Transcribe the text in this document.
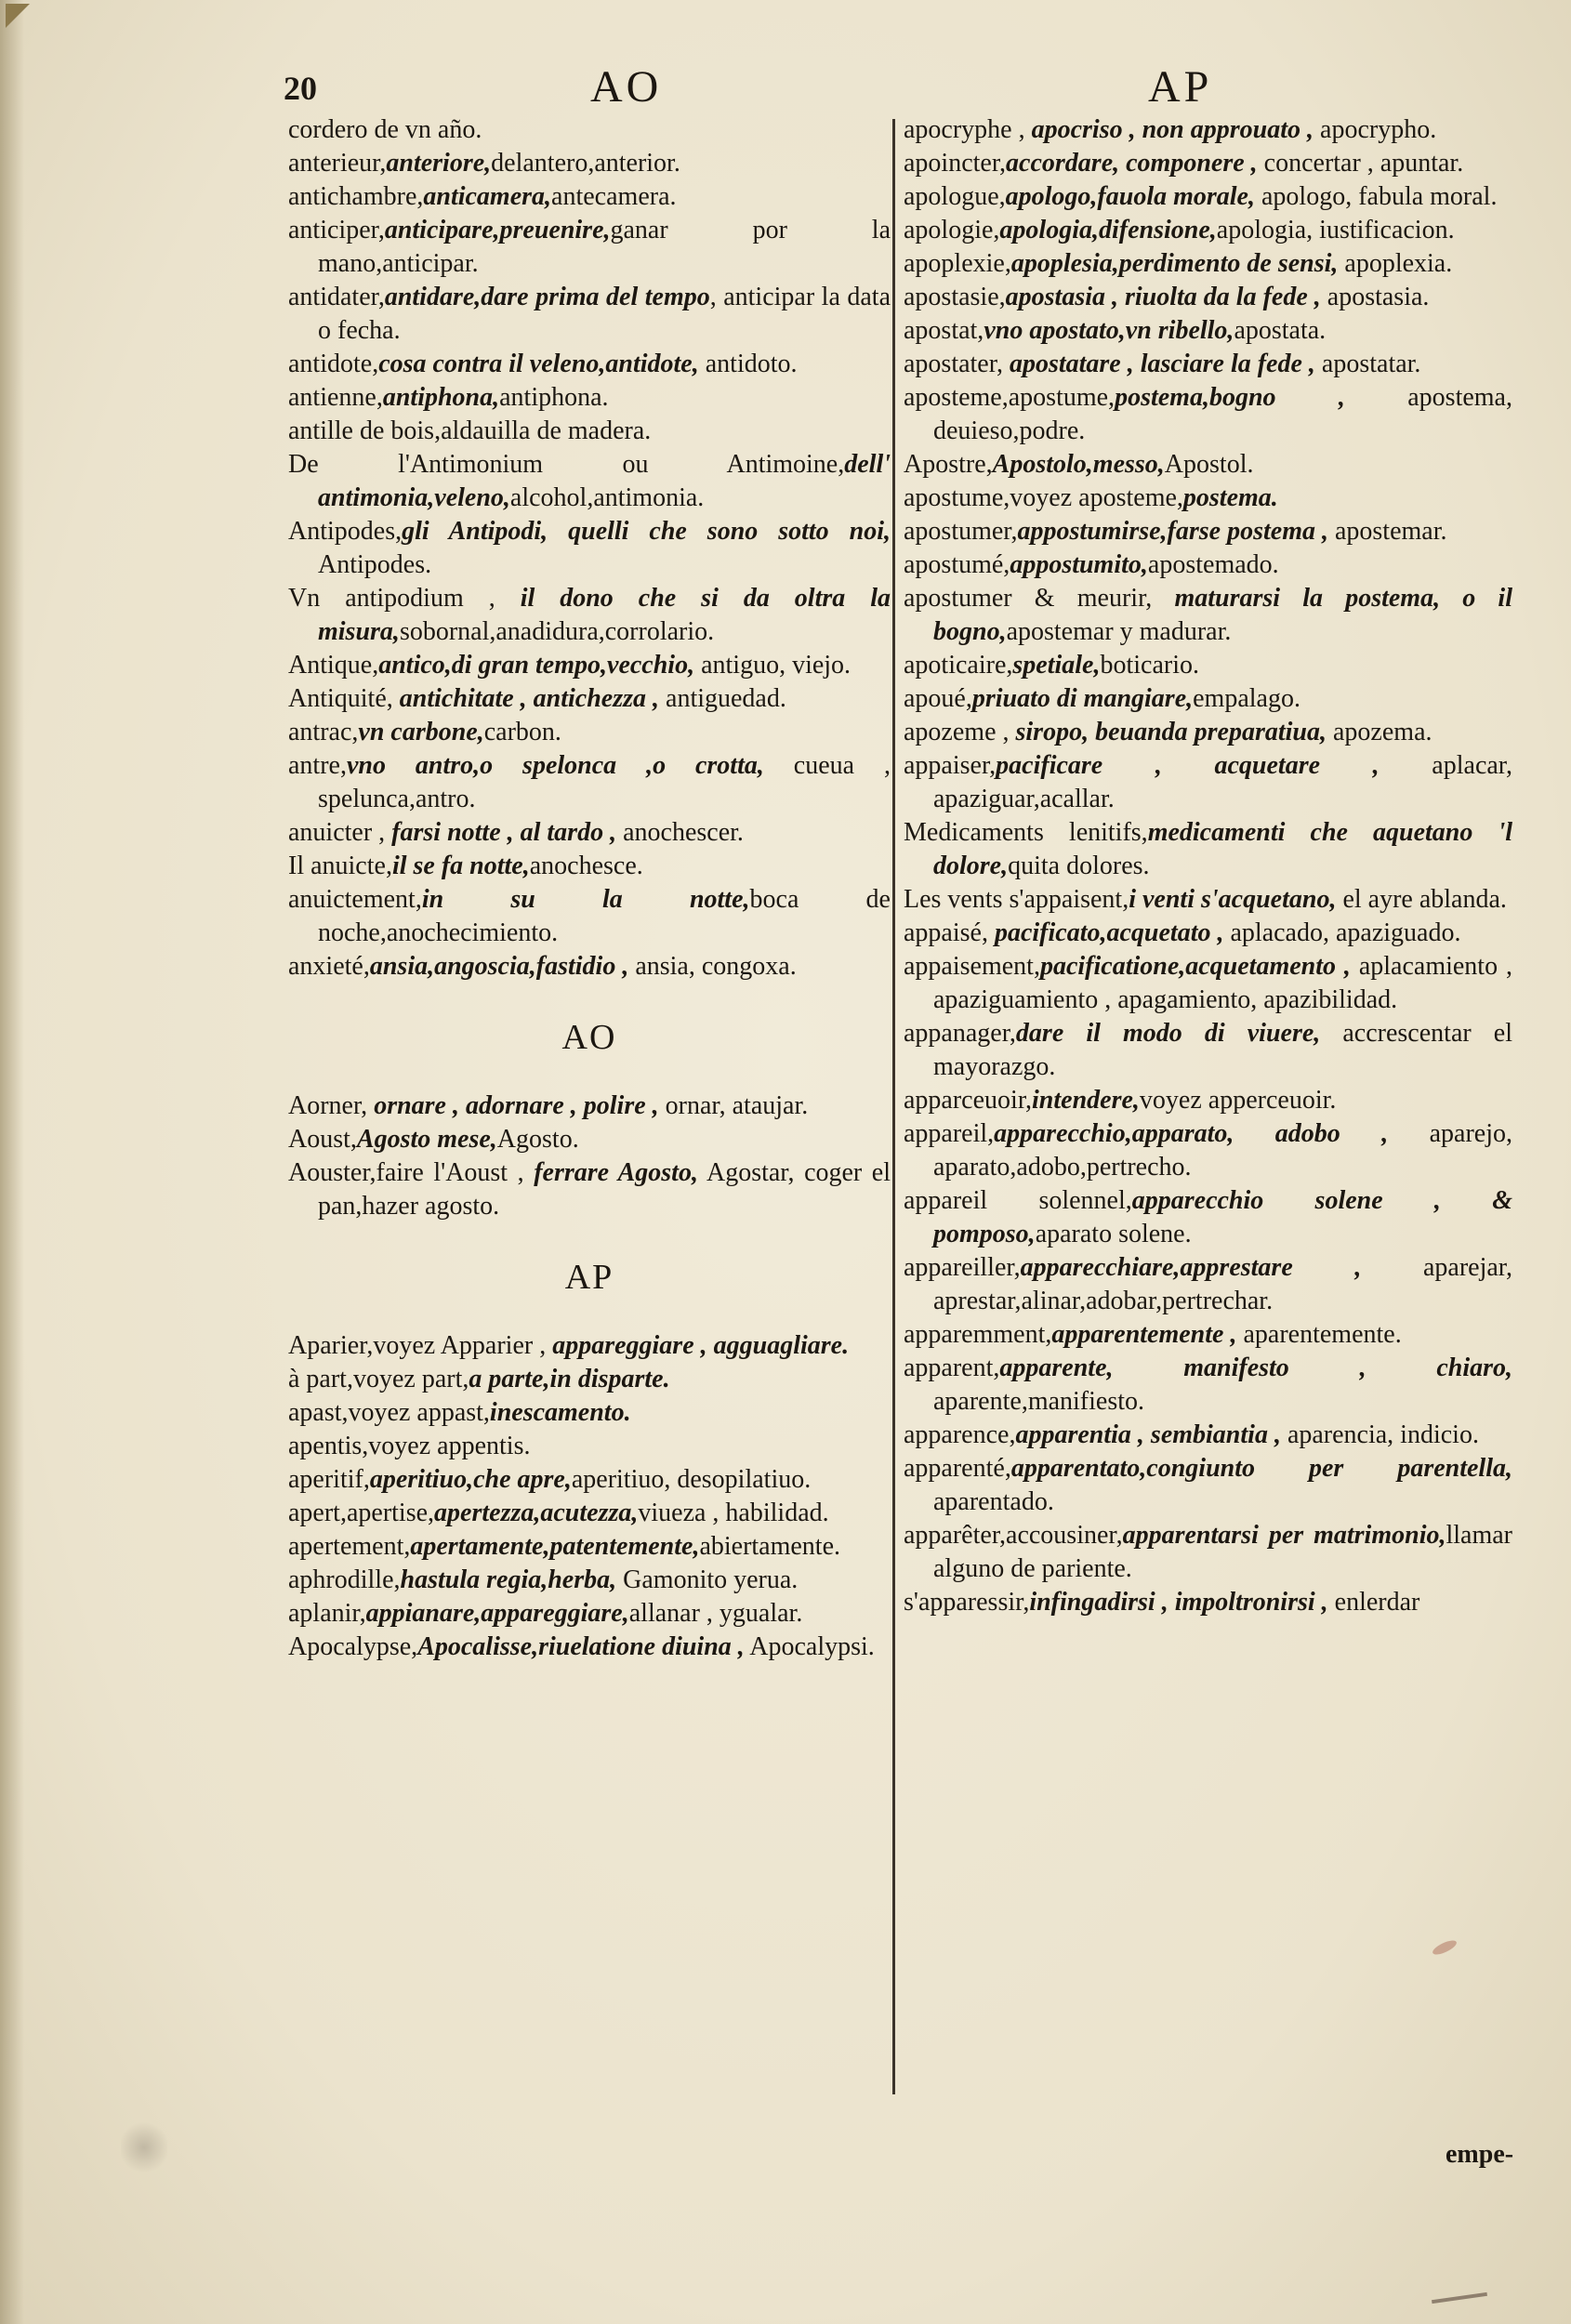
20	AO	AP

cordero de vn año.

anterieur,anteriore,delantero,anterior.

antichambre,anticamera,antecamera.

anticiper,anticipare,preuenire,ganar por la mano,anticipar.

antidater,antidare,dare prima del tempo, anticipar la data o fecha.

antidote,cosa contra il veleno,antidote, antidoto.

antienne,antiphona,antiphona.

antille de bois,aldauilla de madera.

De l'Antimonium ou Antimoine,dell' antimonia,veleno,alcohol,antimonia.

Antipodes,gli Antipodi, quelli che sono sotto noi, Antipodes.

Vn antipodium , il dono che si da oltra la misura,sobornal,anadidura,corrolario.

Antique,antico,di gran tempo,vecchio, antiguo, viejo.

Antiquité, antichitate , antichezza , antiguedad.

antrac,vn carbone,carbon.

antre,vno antro,o spelonca ,o crotta, cueua , spelunca,antro.

anuicter , farsi notte , al tardo , anochescer.

Il anuicte,il se fa notte,anochesce.

anuictement,in su la notte,boca de noche,anochecimiento.

anxieté,ansia,angoscia,fastidio , ansia, congoxa.

AO

Aorner, ornare , adornare , polire , ornar, ataujar.

Aoust,Agosto mese,Agosto.

Aouster,faire l'Aoust , ferrare Agosto, Agostar, coger el pan,hazer agosto.

AP

Aparier,voyez Apparier , appareggiare , agguagliare.

à part,voyez part,a parte,in disparte.

apast,voyez appast,inescamento.

apentis,voyez appentis.

aperitif,aperitiuo,che apre,aperitiuo, desopilatiuo.

apert,apertise,apertezza,acutezza,viueza , habilidad.

apertement,apertamente,patentemente,abiertamente.

aphrodille,hastula regia,herba, Gamonito yerua.

aplanir,appianare,appareggiare,allanar , ygualar.

Apocalypse,Apocalisse,riuelatione diuina , Apocalypsi.

apocryphe , apocriso , non approuato , apocrypho.

apoincter,accordare, componere , concertar , apuntar.

apologue,apologo,fauola morale, apologo, fabula moral.

apologie,apologia,difensione,apologia, iustificacion.

apoplexie,apoplesia,perdimento de sensi, apoplexia.

apostasie,apostasia , riuolta da la fede , apostasia.

apostat,vno apostato,vn ribello,apostata.

apostater, apostatare , lasciare la fede , apostatar.

aposteme,apostume,postema,bogno , apostema, deuieso,podre.

Apostre,Apostolo,messo,Apostol.

apostume,voyez aposteme,postema.

apostumer,appostumirse,farse postema , apostemar.

apostumé,appostumito,apostemado.

apostumer & meurir, maturarsi la postema, o il bogno,apostemar y madurar.

apoticaire,spetiale,boticario.

apoué,priuato di mangiare,empalago.

apozeme , siropo, beuanda preparatiua, apozema.

appaiser,pacificare , acquetare , aplacar, apaziguar,acallar.

Medicaments lenitifs,medicamenti che aquetano 'l dolore,quita dolores.

Les vents s'appaisent,i venti s'acquetano, el ayre ablanda.

appaisé, pacificato,acquetato , aplacado, apaziguado.

appaisement,pacificatione,acquetamento , aplacamiento , apaziguamiento , apagamiento, apazibilidad.

appanager,dare il modo di viuere, accrescentar el mayorazgo.

apparceuoir,intendere,voyez apperceuoir.

appareil,apparecchio,apparato, adobo , aparejo, aparato,adobo,pertrecho.

appareil solennel,apparecchio solene , & pomposo,aparato solene.

appareiller,apparecchiare,apprestare , aparejar, aprestar,alinar,adobar,pertrechar.

apparemment,apparentemente , aparentemente.

apparent,apparente, manifesto , chiaro, aparente,manifiesto.

apparence,apparentia , sembiantia , aparencia, indicio.

apparenté,apparentato,congiunto per parentella, aparentado.

apparêter,accousiner,apparentarsi per matrimonio,llamar alguno de pariente.

s'apparessir,infingadirsi , impoltronirsi , enlerdar

empe-
